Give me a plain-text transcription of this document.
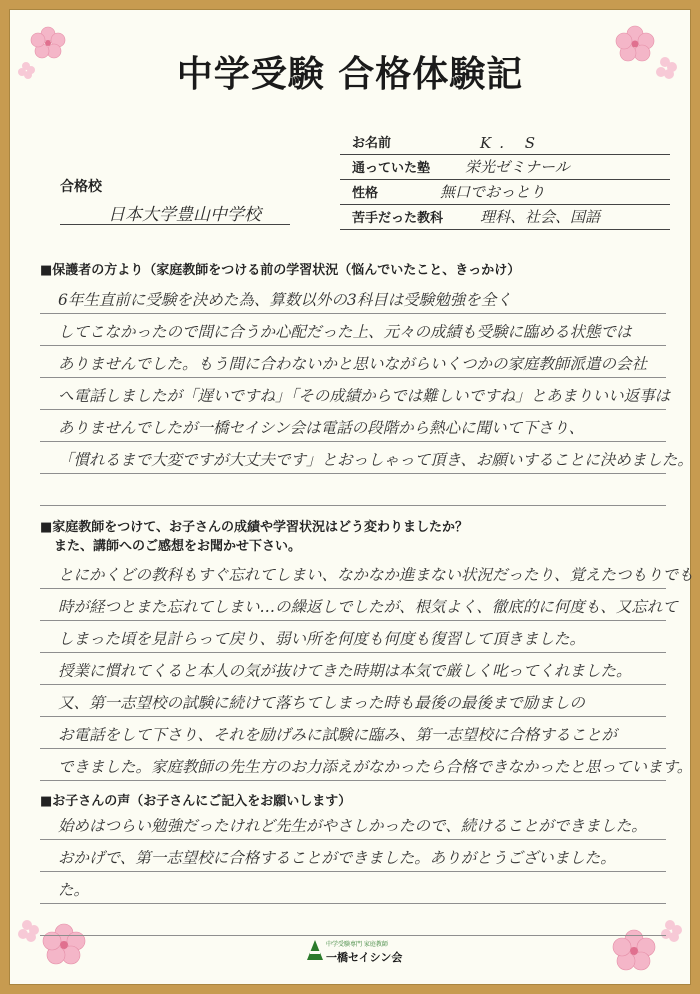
中学受験 合格体験記
お名前	K. S
通っていた塾 栄光ゼミナール
性格	無口でおっとり
苦手だった教科 理科、社会、国語
合格校
日本大学豊山中学校
■保護者の方より（家庭教師をつける前の学習状況（悩んでいたこと、きっかけ）
6年生直前に受験を決めた為、算数以外の3科目は受験勉強を全く
してこなかったので間に合うか心配だった上、元々の成績も受験に臨める状態では
ありませんでした。もう間に合わないかと思いながらいくつかの家庭教師派遣の会社
へ電話しましたが「遅いですね」「その成績からでは難しいですね」とあまりいい返事は
ありませんでしたが一橋セイシン会は電話の段階から熱心に聞いて下さり、
「慣れるまで大変ですが大丈夫です」とおっしゃって頂き、お願いすることに決めました。
■家庭教師をつけて、お子さんの成績や学習状況はどう変わりましたか？
また、講師へのご感想をお聞かせ下さい。
とにかくどの教科もすぐ忘れてしまい、なかなか進まない状況だったり、覚えたつもりでも
時が経つとまた忘れてしまい…の繰返しでしたが、根気よく、徹底的に何度も、又忘れて
しまった頃を見計らって戻り、弱い所を何度も何度も復習して頂きました。
授業に慣れてくると本人の気が抜けてきた時期は本気で厳しく叱ってくれました。
又、第一志望校の試験に続けて落ちてしまった時も最後の最後まで励ましの
お電話をして下さり、それを励げみに試験に臨み、第一志望校に合格することが
できました。家庭教師の先生方のお力添えがなかったら合格できなかったと思っています。
■お子さんの声（お子さんにご記入をお願いします）
始めはつらい勉強だったけれど先生がやさしかったので、続けることができました。
おかげで、第一志望校に合格することができました。ありがとうございました。
た。
中学受験専門 家庭教師
一橋セイシン会
